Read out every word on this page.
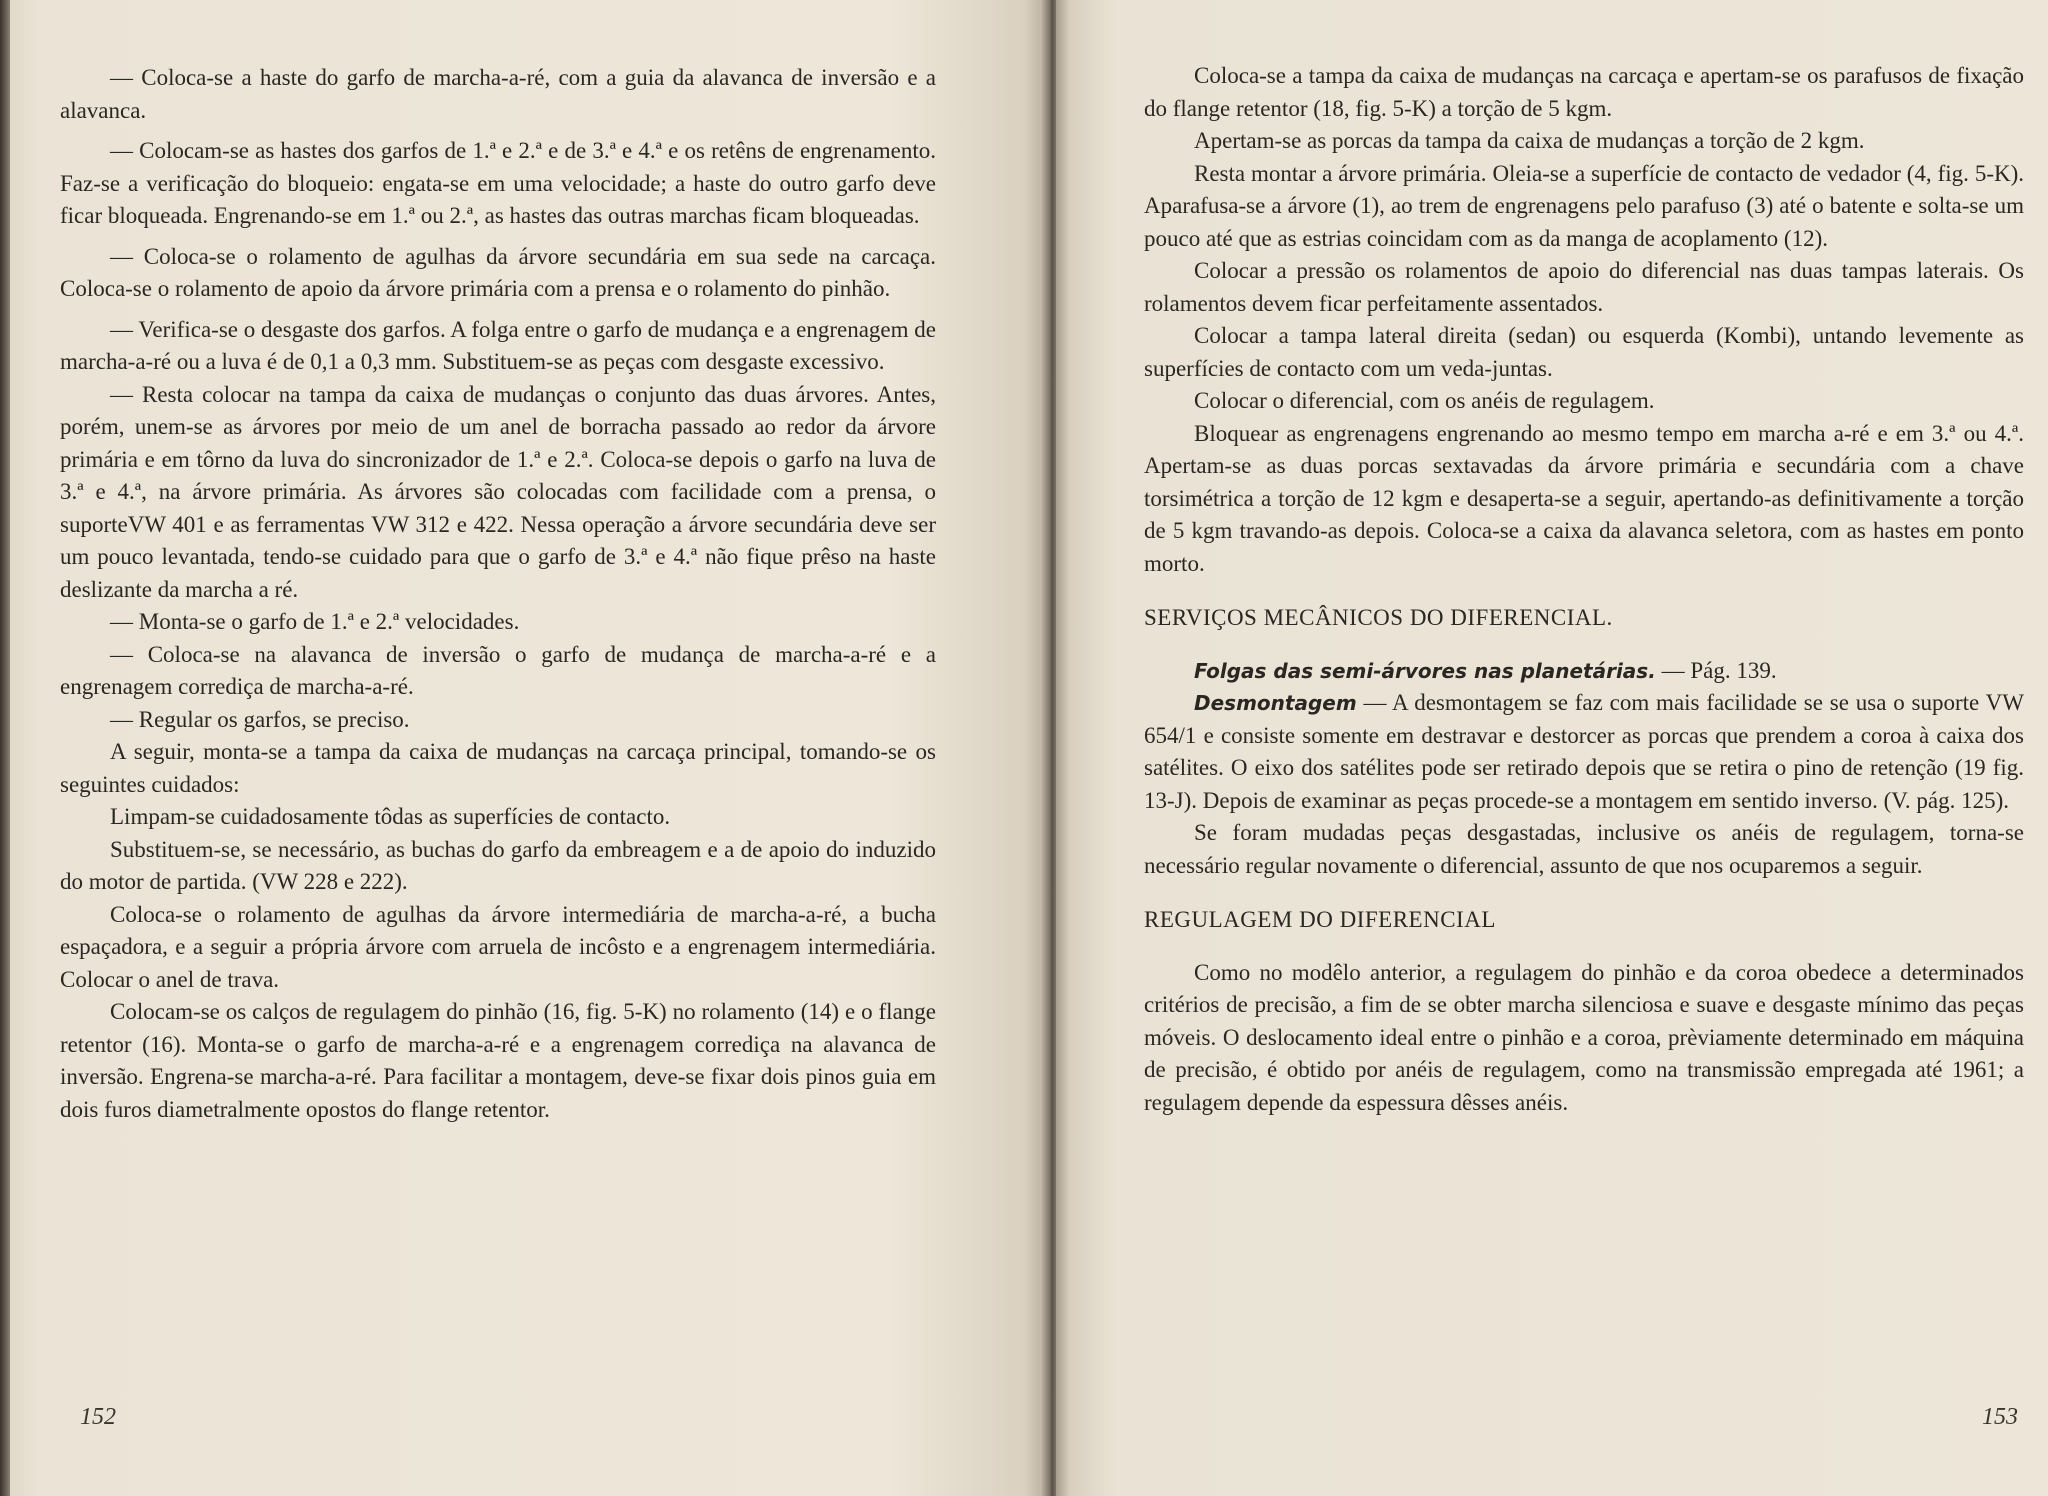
— Coloca-se a haste do garfo de marcha-a-ré, com a guia da alavanca de inversão e a alavanca.

— Colocam-se as hastes dos garfos de 1.ª e 2.ª e de 3.ª e 4.ª e os retêns de engrenamento. Faz-se a verificação do bloqueio: engata-se em uma velocidade; a haste do outro garfo deve ficar bloqueada. Engrenando-se em 1.ª ou 2.ª, as hastes das outras marchas ficam bloqueadas.

— Coloca-se o rolamento de agulhas da árvore secundária em sua sede na carcaça. Coloca-se o rolamento de apoio da árvore primária com a prensa e o rolamento do pinhão.

— Verifica-se o desgaste dos garfos. A folga entre o garfo de mudança e a engrenagem de marcha-a-ré ou a luva é de 0,1 a 0,3 mm. Substituem-se as peças com desgaste excessivo.

— Resta colocar na tampa da caixa de mudanças o conjunto das duas árvores. Antes, porém, unem-se as árvores por meio de um anel de borracha passado ao redor da árvore primária e em tôrno da luva do sincronizador de 1.ª e 2.ª. Coloca-se depois o garfo na luva de 3.ª e 4.ª, na árvore primária. As árvores são colocadas com facilidade com a prensa, o suporteVW 401 e as ferramentas VW 312 e 422. Nessa operação a árvore secundária deve ser um pouco levantada, tendo-se cuidado para que o garfo de 3.ª e 4.ª não fique prêso na haste deslizante da marcha a ré.

— Monta-se o garfo de 1.ª e 2.ª velocidades.

— Coloca-se na alavanca de inversão o garfo de mudança de marcha-a-ré e a engrenagem corrediça de marcha-a-ré.

— Regular os garfos, se preciso.

A seguir, monta-se a tampa da caixa de mudanças na carcaça principal, tomando-se os seguintes cuidados:

Limpam-se cuidadosamente tôdas as superfícies de contacto.

Substituem-se, se necessário, as buchas do garfo da embreagem e a de apoio do induzido do motor de partida. (VW 228 e 222).

Coloca-se o rolamento de agulhas da árvore intermediária de marcha-a-ré, a bucha espaçadora, e a seguir a própria árvore com arruela de incôsto e a engrenagem intermediária. Colocar o anel de trava.

Colocam-se os calços de regulagem do pinhão (16, fig. 5-K) no rolamento (14) e o flange retentor (16). Monta-se o garfo de marcha-a-ré e a engrenagem corrediça na alavanca de inversão. Engrena-se marcha-a-ré. Para facilitar a montagem, deve-se fixar dois pinos guia em dois furos diametralmente opostos do flange retentor.

152

Coloca-se a tampa da caixa de mudanças na carcaça e apertam-se os parafusos de fixação do flange retentor (18, fig. 5-K) a torção de 5 kgm.

Apertam-se as porcas da tampa da caixa de mudanças a torção de 2 kgm.

Resta montar a árvore primária. Oleia-se a superfície de contacto de vedador (4, fig. 5-K). Aparafusa-se a árvore (1), ao trem de engrenagens pelo parafuso (3) até o batente e solta-se um pouco até que as estrias coincidam com as da manga de acoplamento (12).

Colocar a pressão os rolamentos de apoio do diferencial nas duas tampas laterais. Os rolamentos devem ficar perfeitamente assentados.

Colocar a tampa lateral direita (sedan) ou esquerda (Kombi), untando levemente as superfícies de contacto com um veda-juntas.

Colocar o diferencial, com os anéis de regulagem.

Bloquear as engrenagens engrenando ao mesmo tempo em marcha a-ré e em 3.ª ou 4.ª. Apertam-se as duas porcas sextavadas da árvore primária e secundária com a chave torsimétrica a torção de 12 kgm e desaperta-se a seguir, apertando-as definitivamente a torção de 5 kgm travando-as depois. Coloca-se a caixa da alavanca seletora, com as hastes em ponto morto.

SERVIÇOS MECÂNICOS DO DIFERENCIAL.

Folgas das semi-árvores nas planetárias. — Pág. 139.

Desmontagem — A desmontagem se faz com mais facilidade se se usa o suporte VW 654/1 e consiste somente em destravar e destorcer as porcas que prendem a coroa à caixa dos satélites. O eixo dos satélites pode ser retirado depois que se retira o pino de retenção (19 fig. 13-J). Depois de examinar as peças procede-se a montagem em sentido inverso. (V. pág. 125).

Se foram mudadas peças desgastadas, inclusive os anéis de regulagem, torna-se necessário regular novamente o diferencial, assunto de que nos ocuparemos a seguir.

REGULAGEM DO DIFERENCIAL

Como no modêlo anterior, a regulagem do pinhão e da coroa obedece a determinados critérios de precisão, a fim de se obter marcha silenciosa e suave e desgaste mínimo das peças móveis. O deslocamento ideal entre o pinhão e a coroa, prèviamente determinado em máquina de precisão, é obtido por anéis de regulagem, como na transmissão empregada até 1961; a regulagem depende da espessura dêsses anéis.

153
